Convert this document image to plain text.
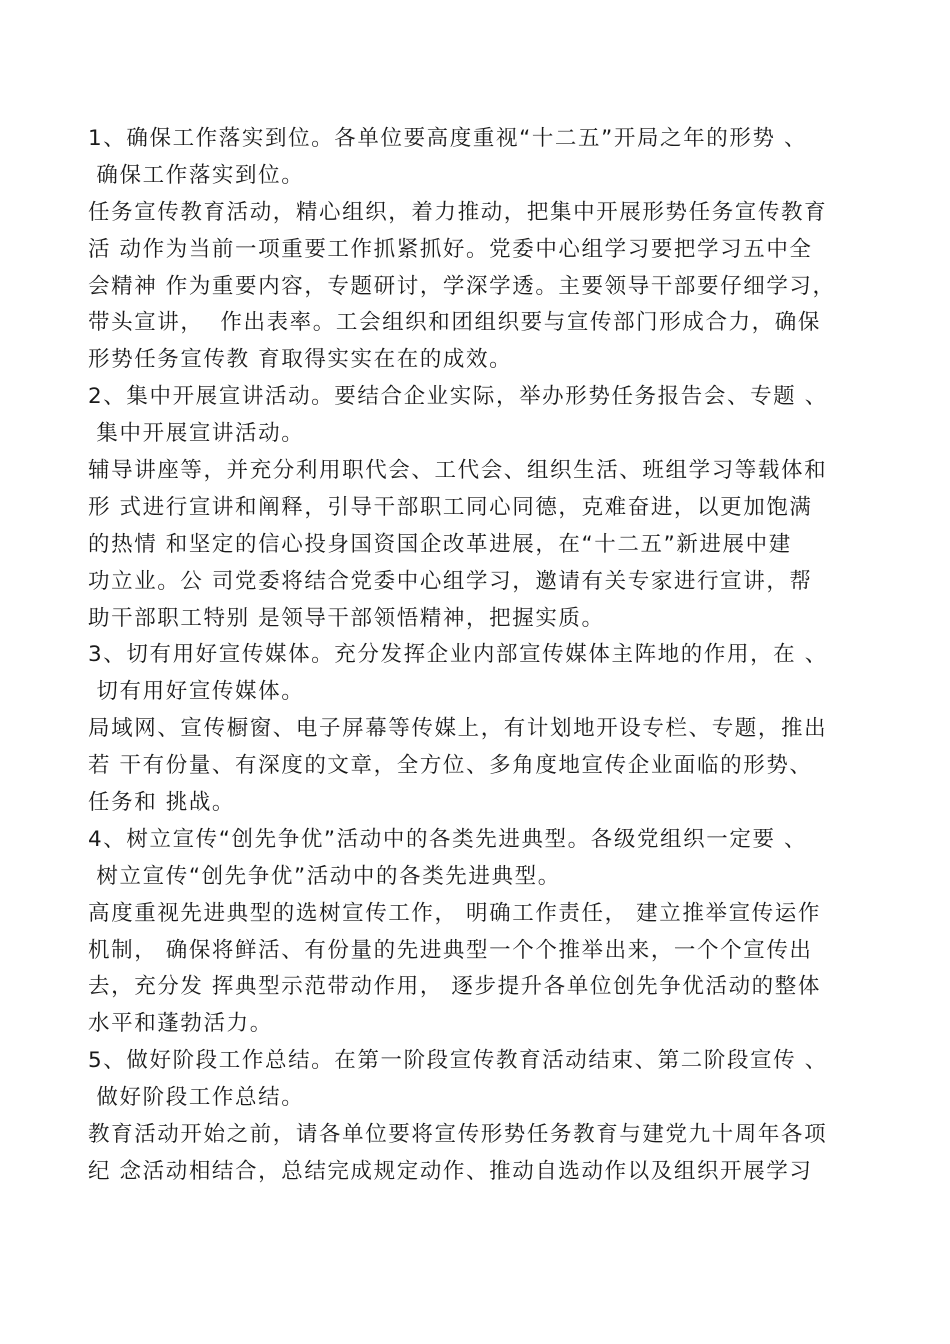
1、确保工作落实到位。各单位要高度重视“十二五”开局之年的形势 、
确保工作落实到位。
任务宣传教育活动，精心组织，着力推动，把集中开展形势任务宣传教育
活 动作为当前一项重要工作抓紧抓好。党委中心组学习要把学习五中全
会精神 作为重要内容，专题研讨，学深学透。主要领导干部要仔细学习，
带头宣讲，  作出表率。工会组织和团组织要与宣传部门形成合力，确保
形势任务宣传教 育取得实实在在的成效。
2、集中开展宣讲活动。要结合企业实际，举办形势任务报告会、专题 、
集中开展宣讲活动。
辅导讲座等，并充分利用职代会、工代会、组织生活、班组学习等载体和
形 式进行宣讲和阐释，引导干部职工同心同德，克难奋进，以更加饱满
的热情 和坚定的信心投身国资国企改革进展，在“十二五”新进展中建
功立业。公 司党委将结合党委中心组学习，邀请有关专家进行宣讲，帮
助干部职工特别 是领导干部领悟精神，把握实质。
3、切有用好宣传媒体。充分发挥企业内部宣传媒体主阵地的作用，在 、
切有用好宣传媒体。
局域网、宣传橱窗、电子屏幕等传媒上，有计划地开设专栏、专题，推出
若 干有份量、有深度的文章，全方位、多角度地宣传企业面临的形势、
任务和 挑战。
4、树立宣传“创先争优”活动中的各类先进典型。各级党组织一定要 、
树立宣传“创先争优”活动中的各类先进典型。
高度重视先进典型的选树宣传工作， 明确工作责任， 建立推举宣传运作
机制， 确保将鲜活、有份量的先进典型一个个推举出来，一个个宣传出
去，充分发 挥典型示范带动作用， 逐步提升各单位创先争优活动的整体
水平和蓬勃活力。
5、做好阶段工作总结。在第一阶段宣传教育活动结束、第二阶段宣传 、
做好阶段工作总结。
教育活动开始之前，请各单位要将宣传形势任务教育与建党九十周年各项
纪 念活动相结合，总结完成规定动作、推动自选动作以及组织开展学习
